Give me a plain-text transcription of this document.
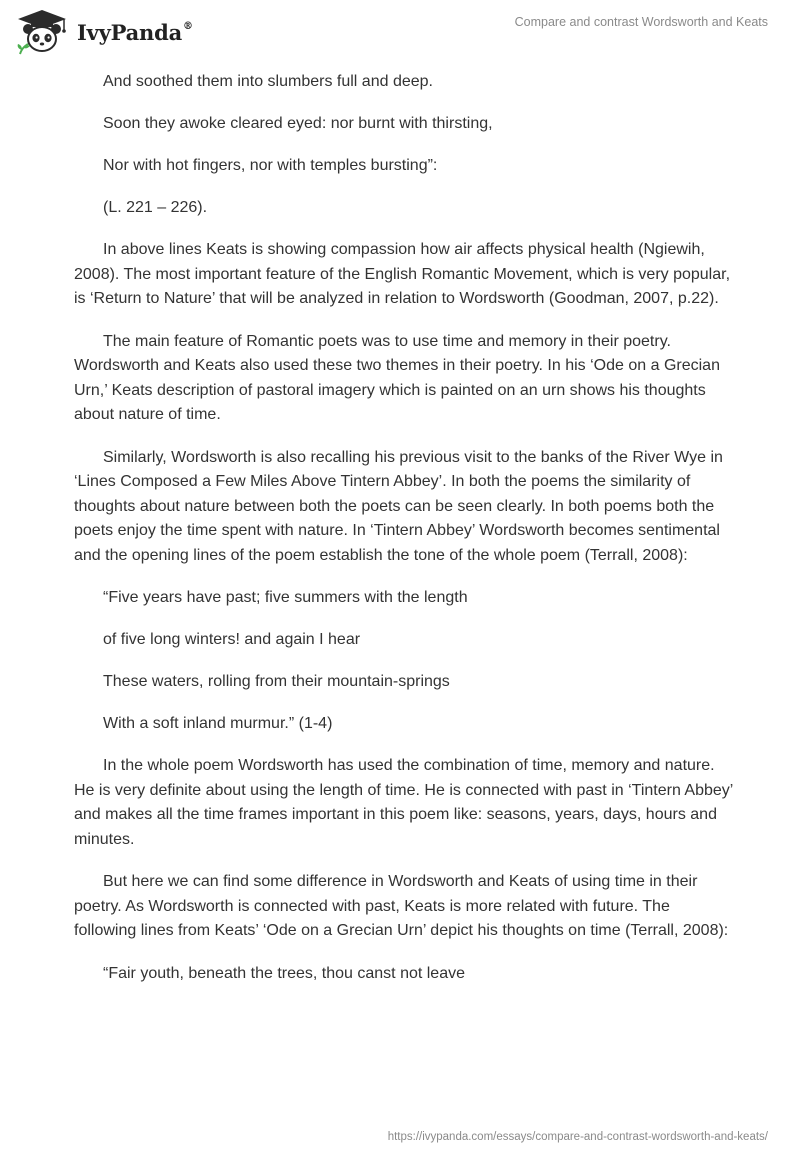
IvyPanda®	Compare and contrast Wordsworth and Keats

And soothed them into slumbers full and deep.

Soon they awoke cleared eyed: nor burnt with thirsting,

Nor with hot fingers, nor with temples bursting”:

(L. 221 – 226).

In above lines Keats is showing compassion how air affects physical health (Ngiewih, 2008). The most important feature of the English Romantic Movement, which is very popular, is ‘Return to Nature’ that will be analyzed in relation to Wordsworth (Goodman, 2007, p.22).

The main feature of Romantic poets was to use time and memory in their poetry. Wordsworth and Keats also used these two themes in their poetry. In his ‘Ode on a Grecian Urn,’ Keats description of pastoral imagery which is painted on an urn shows his thoughts about nature of time.

Similarly, Wordsworth is also recalling his previous visit to the banks of the River Wye in ‘Lines Composed a Few Miles Above Tintern Abbey’. In both the poems the similarity of thoughts about nature between both the poets can be seen clearly. In both poems both the poets enjoy the time spent with nature. In ‘Tintern Abbey’ Wordsworth becomes sentimental and the opening lines of the poem establish the tone of the whole poem (Terrall, 2008):

“Five years have past; five summers with the length

of five long winters! and again I hear

These waters, rolling from their mountain-springs

With a soft inland murmur.” (1-4)

In the whole poem Wordsworth has used the combination of time, memory and nature. He is very definite about using the length of time. He is connected with past in ‘Tintern Abbey’ and makes all the time frames important in this poem like: seasons, years, days, hours and minutes.

But here we can find some difference in Wordsworth and Keats of using time in their poetry. As Wordsworth is connected with past, Keats is more related with future. The following lines from Keats’ ‘Ode on a Grecian Urn’ depict his thoughts on time (Terrall, 2008):

“Fair youth, beneath the trees, thou canst not leave

https://ivypanda.com/essays/compare-and-contrast-wordsworth-and-keats/
